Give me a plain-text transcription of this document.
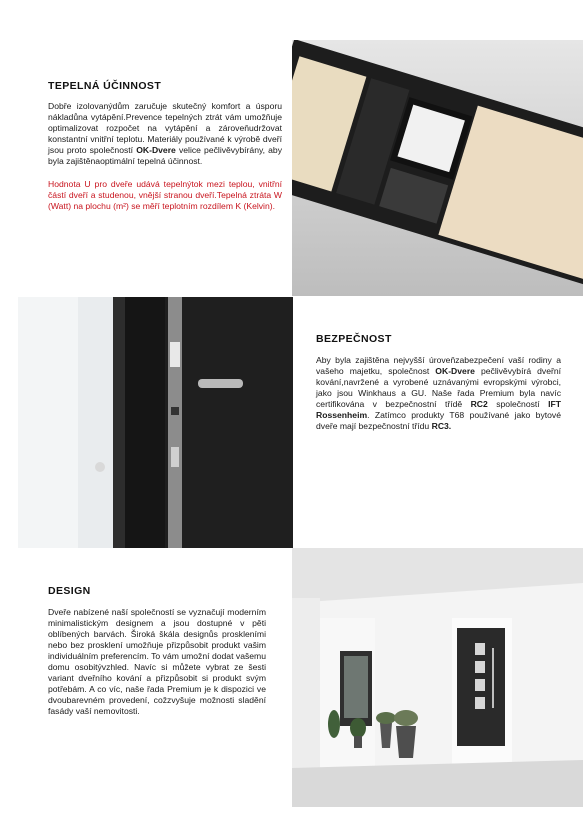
TEPELNÁ ÚČINNOST

Dobře izolovanýdům zaručuje skutečný komfort a úsporu nákladůna vytápění.Prevence tepelných ztrát vám umožňuje optimalizovat rozpočet na vytápění a zároveňudržovat konstantní vnitřní teplotu. Materiály používané k výrobě dveří jsou proto společností OK-Dvere velice pečlivěvybírány, aby byla zajištěnaoptimální tepelná účinnost.

Hodnota U pro dveře udává tepelnýtok mezi teplou, vnitřní částí dveří a studenou, vnější stranou dveří.Tepelná ztráta W (Watt) na plochu (m²) se měří teplotním rozdílem K (Kelvin).

BEZPEČNOST

Aby byla zajištěna nejvyšší úroveňzabezpečení vaší rodiny a vašeho majetku, společnost OK-Dvere pečlivěvybírá dveřní kování,navržené a vyrobené uznávanými evropskými výrobci, jako jsou Winkhaus a GU. Naše řada Premium byla navíc certifikována v bezpečnostní třídě RC2 společností IFT Rossenheim. Zatímco produkty T68 používané jako bytové dveře mají bezpečnostní třídu RC3.

DESIGN

Dveře nabízené naší společností se vyznačují moderním minimalistickým designem a jsou dostupné v pěti oblíbených barvách. Široká škála designůs proskleními nebo bez prosklení umožňuje přizpůsobit produkt vašim individuálním preferencím. To vám umožní dodat vašemu domu osobitývzhled. Navíc si můžete vybrat ze šesti variant dveřního kování a přizpůsobit si produkt svým potřebám. A co víc, naše řada Premium je k dispozici ve dvoubarevném provedení, cožzvyšuje možnosti sladění fasády vaší nemovitosti.
